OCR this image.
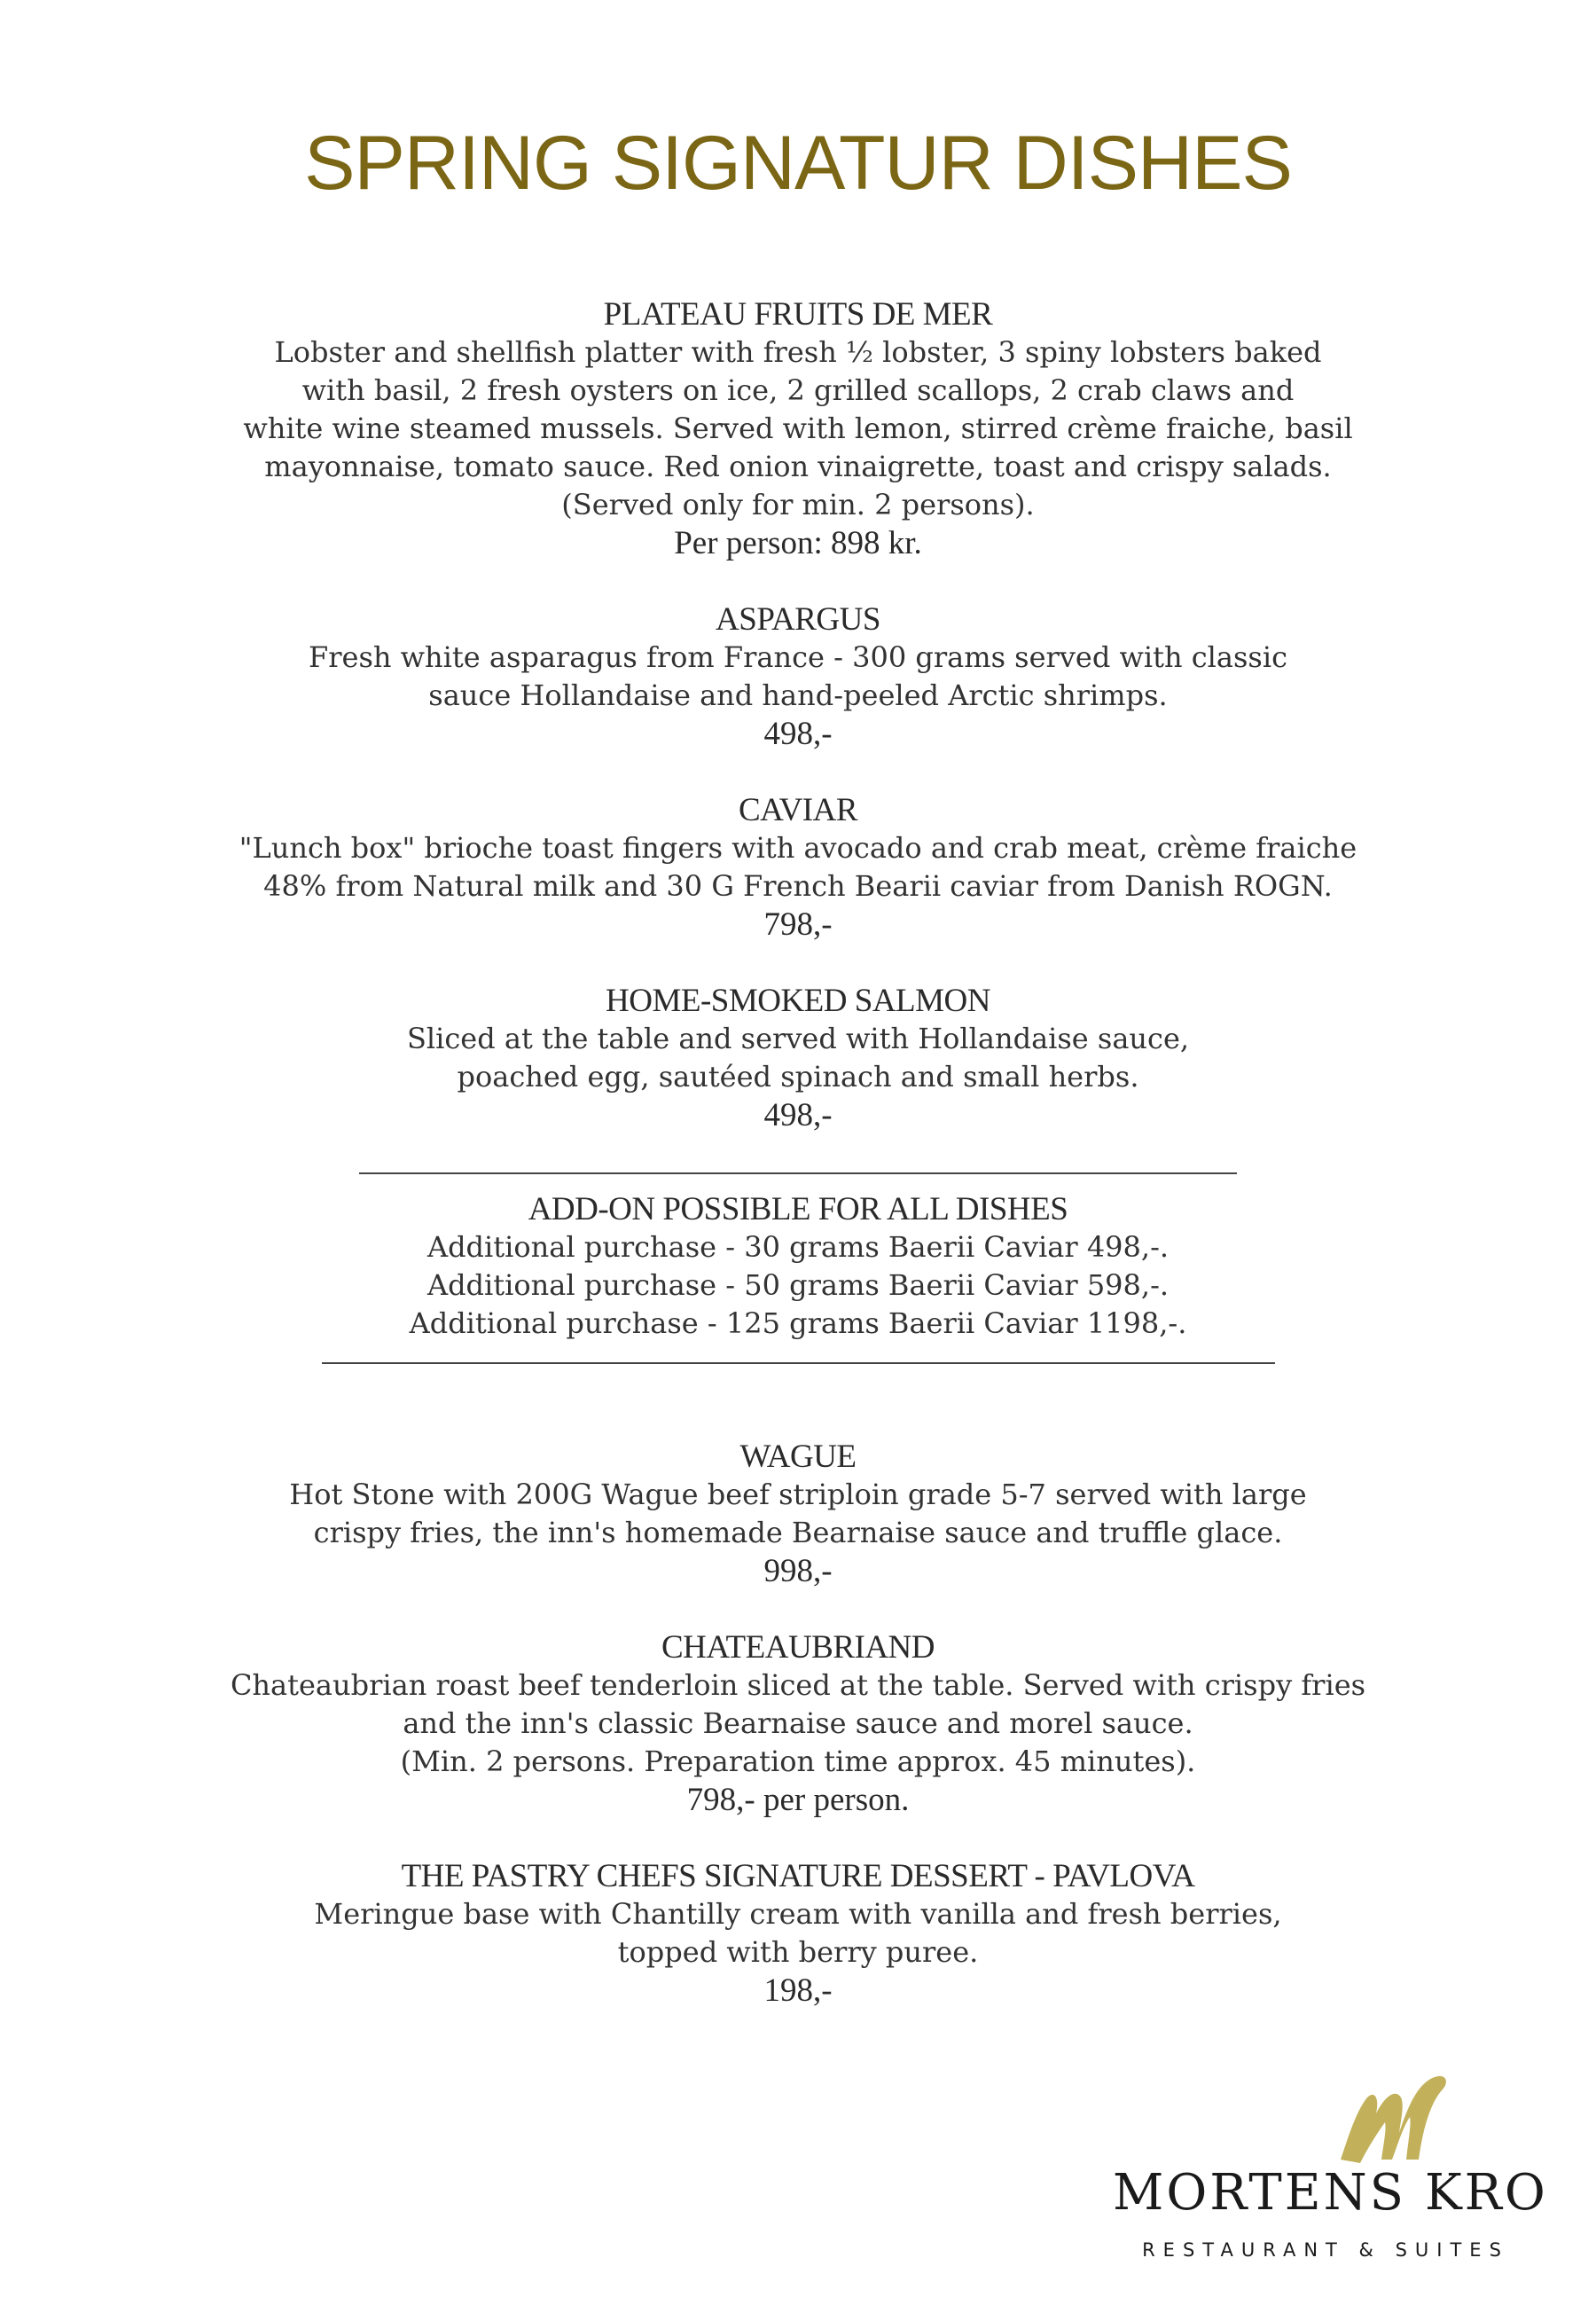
SPRING SIGNATUR DISHES
PLATEAU FRUITS DE MER
Lobster and shellfish platter with fresh ½ lobster, 3 spiny lobsters baked
with basil, 2 fresh oysters on ice, 2 grilled scallops, 2 crab claws and
white wine steamed mussels. Served with lemon, stirred crème fraiche, basil
mayonnaise, tomato sauce. Red onion vinaigrette, toast and crispy salads.
(Served only for min. 2 persons).
Per person: 898 kr.
ASPARGUS
Fresh white asparagus from France - 300 grams served with classic
sauce Hollandaise and hand-peeled Arctic shrimps.
498,-
CAVIAR
"Lunch box" brioche toast fingers with avocado and crab meat, crème fraiche
48% from Natural milk and 30 G French Bearii caviar from Danish ROGN.
798,-
HOME-SMOKED SALMON
Sliced at the table and served with Hollandaise sauce,
poached egg, sautéed spinach and small herbs.
498,-
ADD-ON POSSIBLE FOR ALL DISHES
Additional purchase - 30 grams Baerii Caviar 498,-.
Additional purchase - 50 grams Baerii Caviar 598,-.
Additional purchase - 125 grams Baerii Caviar 1198,-.
WAGUE
Hot Stone with 200G Wague beef striploin grade 5-7 served with large
crispy fries, the inn's homemade Bearnaise sauce and truffle glace.
998,-
CHATEAUBRIAND
Chateaubrian roast beef tenderloin sliced at the table. Served with crispy fries
and the inn's classic Bearnaise sauce and morel sauce.
(Min. 2 persons. Preparation time approx. 45 minutes).
798,- per person.
THE PASTRY CHEFS SIGNATURE DESSERT - PAVLOVA
Meringue base with Chantilly cream with vanilla and fresh berries,
topped with berry puree.
198,-
MORTENS KRO
RESTAURANT & SUITES
